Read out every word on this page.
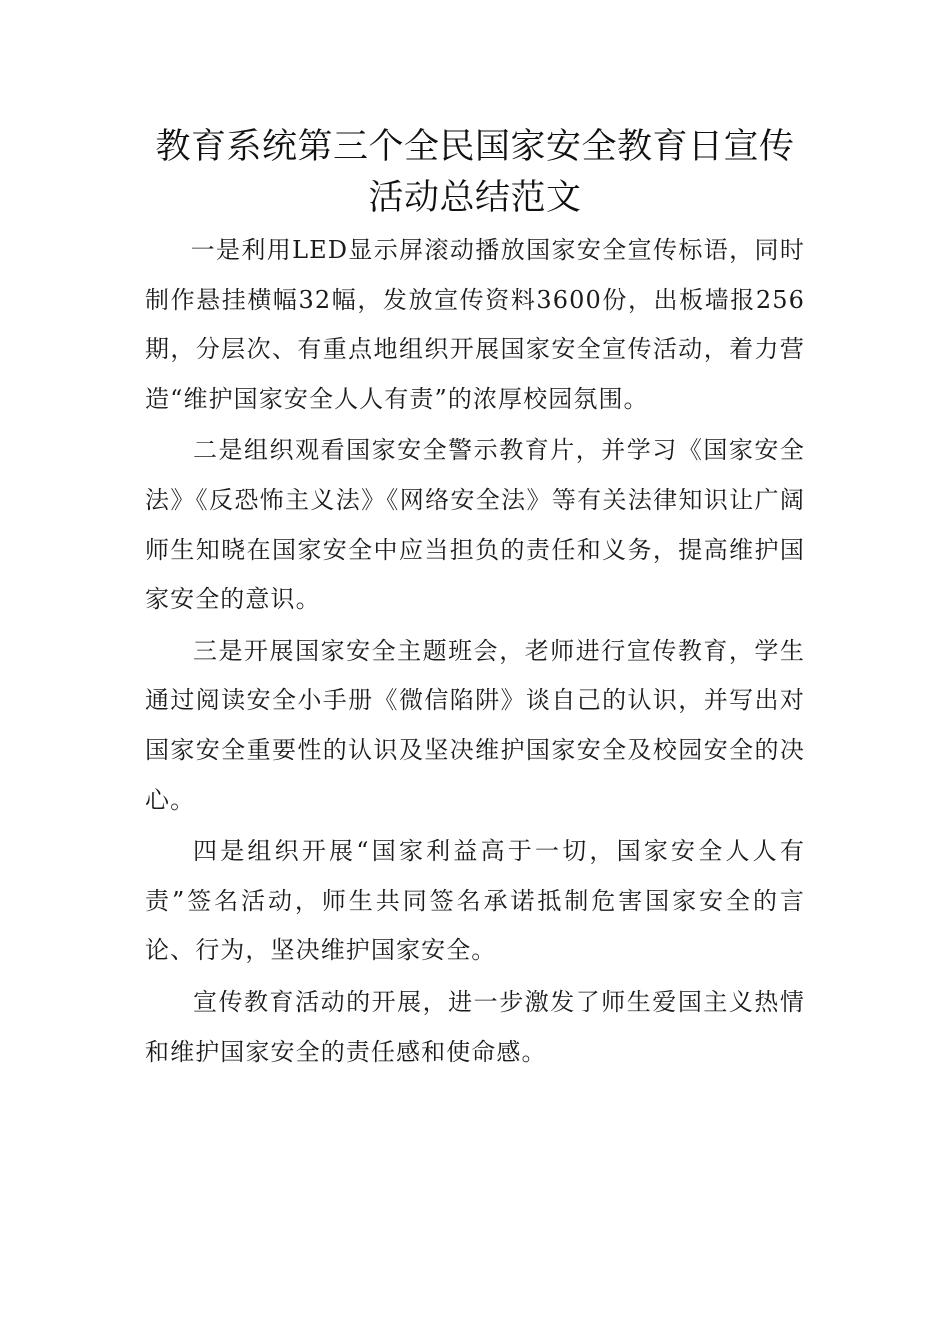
教育系统第三个全民国家安全教育日宣传
活动总结范文

一是利用LED显示屏滚动播放国家安全宣传标语，同时制作悬挂横幅32幅，发放宣传资料3600份，出板墙报256期，分层次、有重点地组织开展国家安全宣传活动，着力营造“维护国家安全人人有责”的浓厚校园氛围。

二是组织观看国家安全警示教育片，并学习《国家安全法》《反恐怖主义法》《网络安全法》等有关法律知识让广阔师生知晓在国家安全中应当担负的责任和义务，提高维护国家安全的意识。

三是开展国家安全主题班会，老师进行宣传教育，学生通过阅读安全小手册《微信陷阱》谈自己的认识，并写出对国家安全重要性的认识及坚决维护国家安全及校园安全的决心。

四是组织开展“国家利益高于一切，国家安全人人有责”签名活动，师生共同签名承诺抵制危害国家安全的言论、行为，坚决维护国家安全。

宣传教育活动的开展，进一步激发了师生爱国主义热情和维护国家安全的责任感和使命感。
